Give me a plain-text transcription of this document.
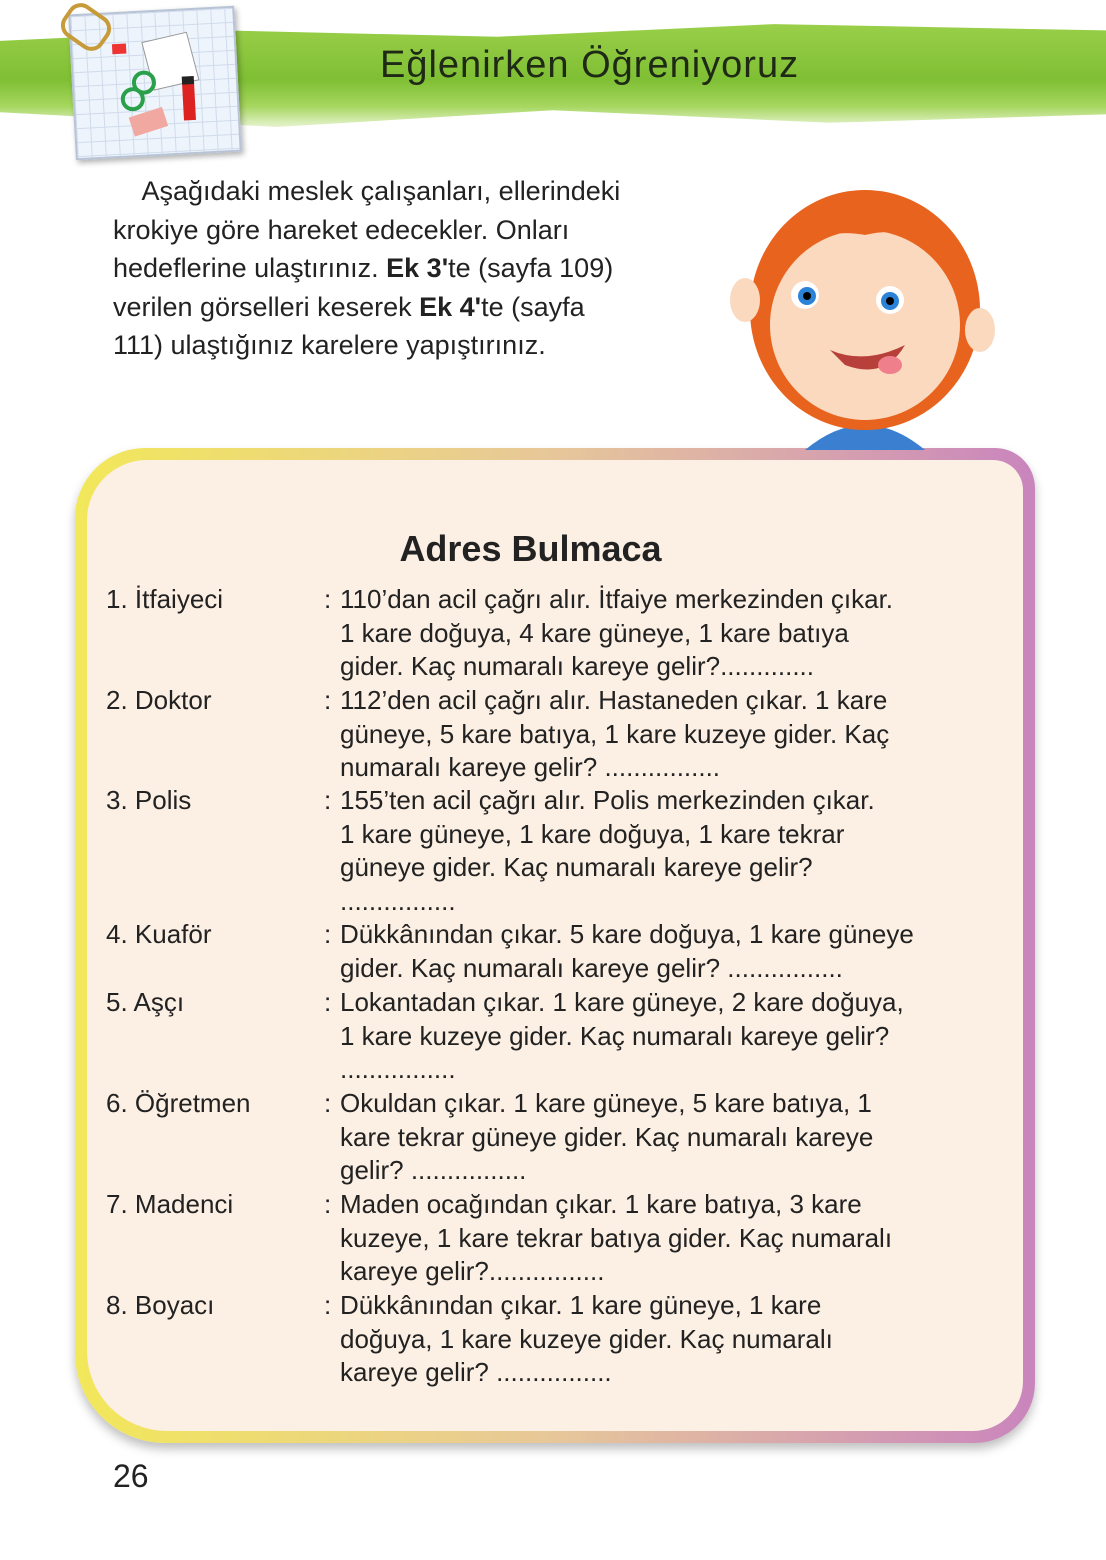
Eğlenirken Öğreniyoruz
Aşağıdaki meslek çalışanları, ellerindeki
krokiye göre hareket edecekler. Onları
hedeflerine ulaştırınız. Ek 3'te (sayfa 109)
verilen görselleri keserek Ek 4'te (sayfa
111) ulaştığınız karelere yapıştırınız.
Adres Bulmaca
1. İtfaiyeci	: 110’dan acil çağrı alır. İtfaiye merkezinden çıkar.
1 kare doğuya, 4 kare güneye, 1 kare batıya
gider. Kaç numaralı kareye gelir?.............
2. Doktor	: 112’den acil çağrı alır. Hastaneden çıkar. 1 kare
güneye, 5 kare batıya, 1 kare kuzeye gider. Kaç
numaralı kareye gelir? ................
3. Polis	: 155’ten acil çağrı alır. Polis merkezinden çıkar.
1 kare güneye, 1 kare doğuya, 1 kare tekrar
güneye gider. Kaç numaralı kareye gelir?
................
4. Kuaför	: Dükkânından çıkar. 5 kare doğuya, 1 kare güneye
gider. Kaç numaralı kareye gelir? ................
5. Aşçı	: Lokantadan çıkar. 1 kare güneye, 2 kare doğuya,
1 kare kuzeye gider. Kaç numaralı kareye gelir?
................
6. Öğretmen	: Okuldan çıkar. 1 kare güneye, 5 kare batıya, 1
kare tekrar güneye gider. Kaç numaralı kareye
gelir? ................
7. Madenci	: Maden ocağından çıkar. 1 kare batıya, 3 kare
kuzeye, 1 kare tekrar batıya gider. Kaç numaralı
kareye gelir?................
8. Boyacı	: Dükkânından çıkar. 1 kare güneye, 1 kare
doğuya, 1 kare kuzeye gider. Kaç numaralı
kareye gelir? ................
26
